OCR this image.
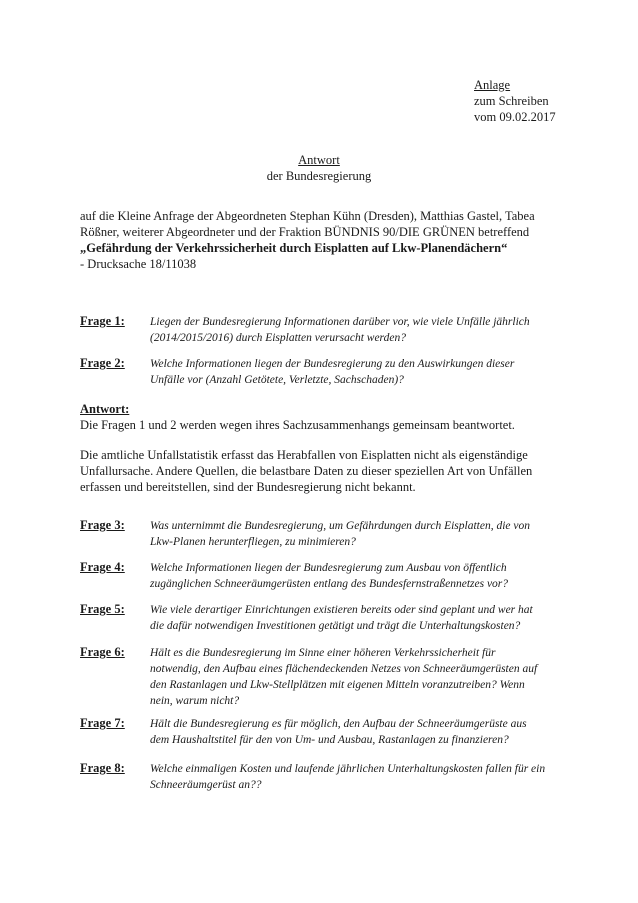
Anlage
zum Schreiben
vom 09.02.2017
Antwort
der Bundesregierung
auf die Kleine Anfrage der Abgeordneten Stephan Kühn (Dresden), Matthias Gastel, Tabea
Rößner, weiterer Abgeordneter und der Fraktion BÜNDNIS 90/DIE GRÜNEN betreffend
„Gefährdung der Verkehrssicherheit durch Eisplatten auf Lkw-Planendächern“
- Drucksache 18/11038
Frage 1: Liegen der Bundesregierung Informationen darüber vor, wie viele Unfälle jährlich
(2014/2015/2016) durch Eisplatten verursacht werden?
Frage 2: Welche Informationen liegen der Bundesregierung zu den Auswirkungen dieser
Unfälle vor (Anzahl Getötete, Verletzte, Sachschaden)?
Antwort:

Die Fragen 1 und 2 werden wegen ihres Sachzusammenhangs gemeinsam beantwortet.

Die amtliche Unfallstatistik erfasst das Herabfallen von Eisplatten nicht als eigenständige
Unfallursache. Andere Quellen, die belastbare Daten zu dieser speziellen Art von Unfällen
erfassen und bereitstellen, sind der Bundesregierung nicht bekannt.

Frage 3: Was unternimmt die Bundesregierung, um Gefährdungen durch Eisplatten, die von
Lkw-Planen herunterfliegen, zu minimieren?
Frage 4: Welche Informationen liegen der Bundesregierung zum Ausbau von öffentlich
zugänglichen Schneeräumgerüsten entlang des Bundesfernstraßennetzes vor?
Frage 5: Wie viele derartiger Einrichtungen existieren bereits oder sind geplant und wer hat
die dafür notwendigen Investitionen getätigt und trägt die Unterhaltungskosten?
Frage 6: Hält es die Bundesregierung im Sinne einer höheren Verkehrssicherheit für
notwendig, den Aufbau eines flächendeckenden Netzes von Schneeräumgerüsten auf
den Rastanlagen und Lkw-Stellplätzen mit eigenen Mitteln voranzutreiben? Wenn
nein, warum nicht?
Frage 7: Hält die Bundesregierung es für möglich, den Aufbau der Schneeräumgerüste aus
dem Haushaltstitel für den von Um- und Ausbau, Rastanlagen zu finanzieren?
Frage 8: Welche einmaligen Kosten und laufende jährlichen Unterhaltungskosten fallen für ein
Schneeräumgerüst an??
